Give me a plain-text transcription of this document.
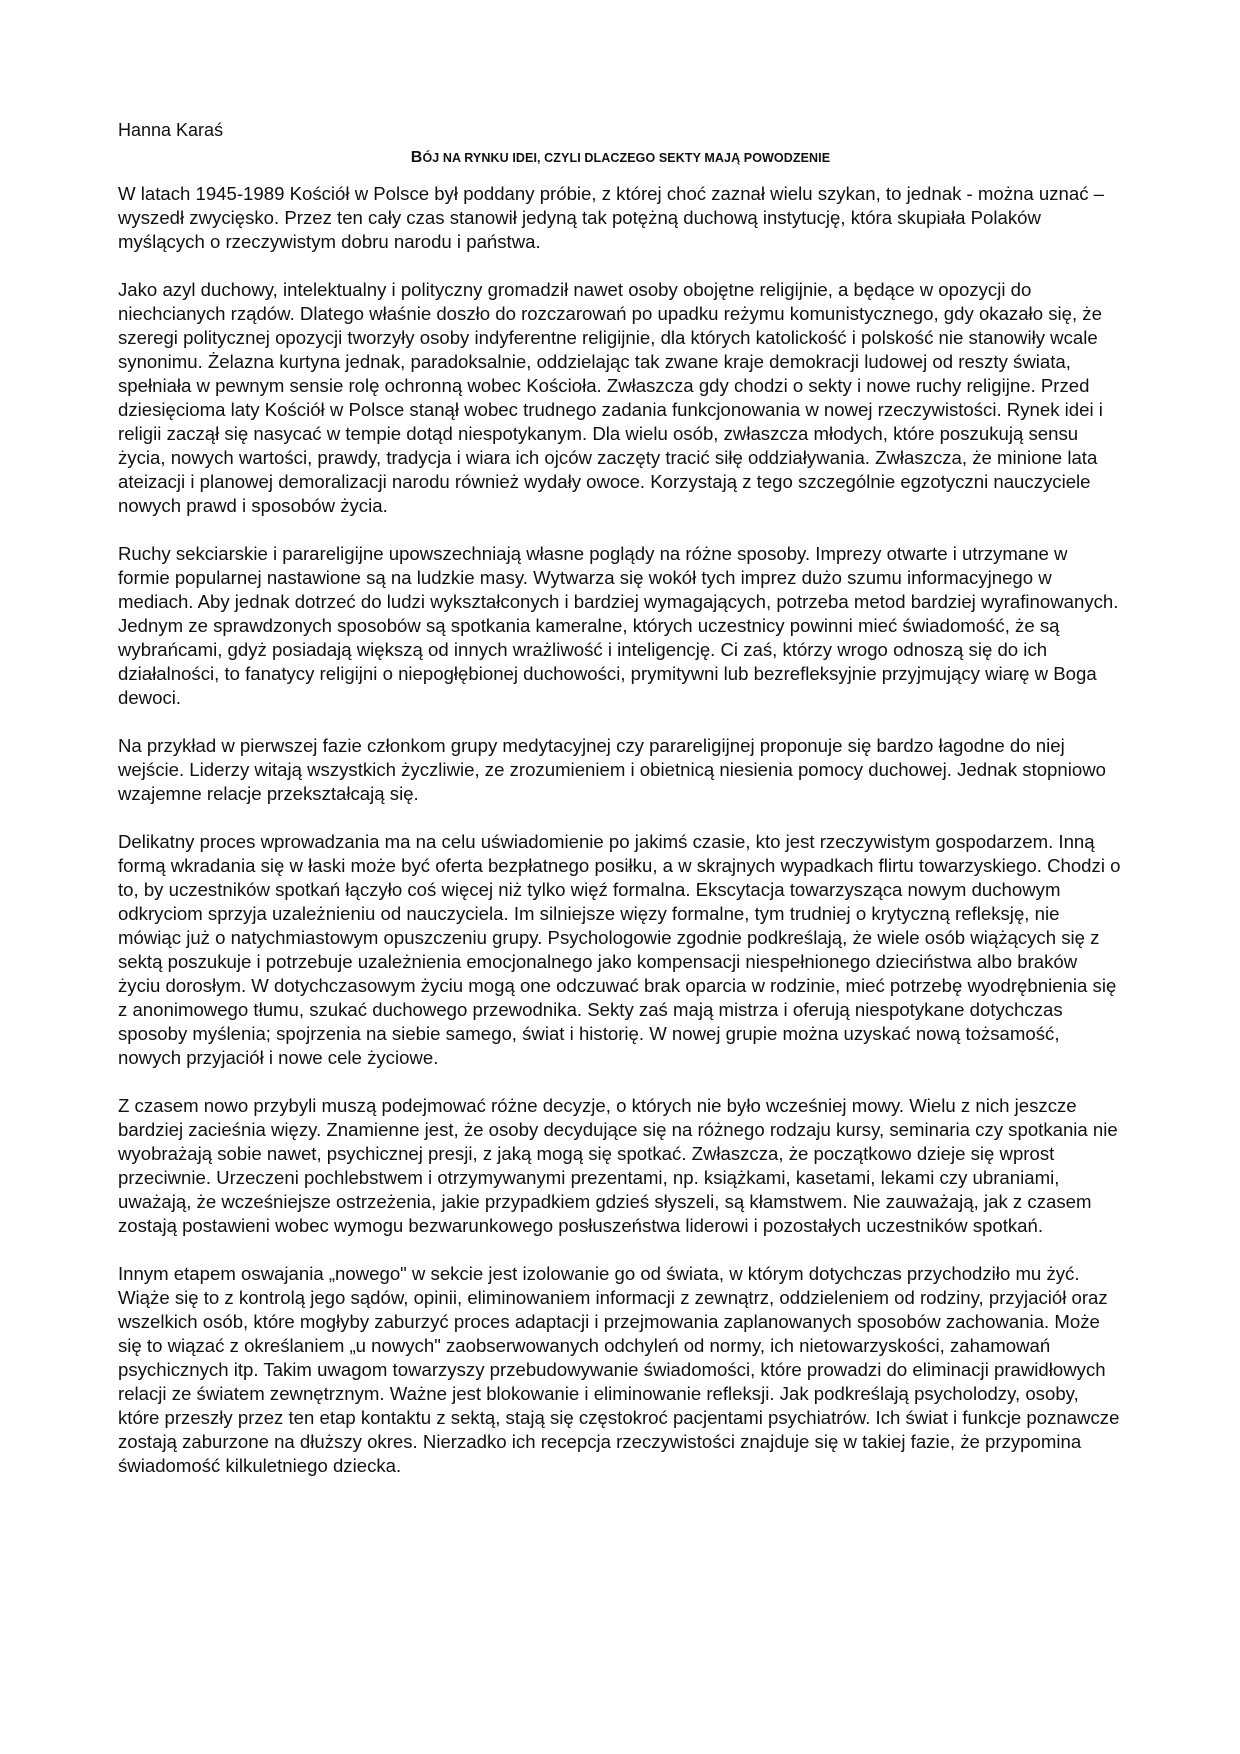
Hanna Karaś
BÓJ NA RYNKU IDEI, CZYLI DLACZEGO SEKTY MAJĄ POWODZENIE

W latach 1945-1989 Kościół w Polsce był poddany próbie, z której choć zaznał wielu szykan, to jednak - można uznać – wyszedł zwycięsko. Przez ten cały czas stanowił jedyną tak potężną duchową instytucję, która skupiała Polaków myślących o rzeczywistym dobru narodu i państwa.

Jako azyl duchowy, intelektualny i polityczny gromadził nawet osoby obojętne religijnie, a będące w opozycji do niechcianych rządów. Dlatego właśnie doszło do rozczarowań po upadku reżymu komunistycznego, gdy okazało się, że szeregi politycznej opozycji tworzyły osoby indyferentne religijnie, dla których katolickość i polskość nie stanowiły wcale synonimu. Żelazna kurtyna jednak, paradoksalnie, oddzielając tak zwane kraje demokracji ludowej od reszty świata, spełniała w pewnym sensie rolę ochronną wobec Kościoła. Zwłaszcza gdy chodzi o sekty i nowe ruchy religijne. Przed dziesięcioma laty Kościół w Polsce stanął wobec trudnego zadania funkcjonowania w nowej rzeczywistości. Rynek idei i religii zaczął się nasycać w tempie dotąd niespotykanym. Dla wielu osób, zwłaszcza młodych, które poszukują sensu życia, nowych wartości, prawdy, tradycja i wiara ich ojców zaczęty tracić siłę oddziaływania. Zwłaszcza, że minione lata ateizacji i planowej demoralizacji narodu również wydały owoce. Korzystają z tego szczególnie egzotyczni nauczyciele nowych prawd i sposobów życia.

Ruchy sekciarskie i parareligijne upowszechniają własne poglądy na różne sposoby. Imprezy otwarte i utrzymane w formie popularnej nastawione są na ludzkie masy. Wytwarza się wokół tych imprez dużo szumu informacyjnego w mediach. Aby jednak dotrzeć do ludzi wykształconych i bardziej wymagających, potrzeba metod bardziej wyrafinowanych. Jednym ze sprawdzonych sposobów są spotkania kameralne, których uczestnicy powinni mieć świadomość, że są wybrańcami, gdyż posiadają większą od innych wrażliwość i inteligencję. Ci zaś, którzy wrogo odnoszą się do ich działalności, to fanatycy religijni o niepogłębionej duchowości, prymitywni lub bezrefleksyjnie przyjmujący wiarę w Boga dewoci.

Na przykład w pierwszej fazie członkom grupy medytacyjnej czy parareligijnej proponuje się bardzo łagodne do niej wejście. Liderzy witają wszystkich życzliwie, ze zrozumieniem i obietnicą niesienia pomocy duchowej. Jednak stopniowo wzajemne relacje przekształcają się.

Delikatny proces wprowadzania ma na celu uświadomienie po jakimś czasie, kto jest rzeczywistym gospodarzem. Inną formą wkradania się w łaski może być oferta bezpłatnego posiłku, a w skrajnych wypadkach flirtu towarzyskiego. Chodzi o to, by uczestników spotkań łączyło coś więcej niż tylko więź formalna. Ekscytacja towarzysząca nowym duchowym odkryciom sprzyja uzależnieniu od nauczyciela. Im silniejsze więzy formalne, tym trudniej o krytyczną refleksję, nie mówiąc już o natychmiastowym opuszczeniu grupy. Psychologowie zgodnie podkreślają, że wiele osób wiążących się z sektą poszukuje i potrzebuje uzależnienia emocjonalnego jako kompensacji niespełnionego dzieciństwa albo braków życiu dorosłym. W dotychczasowym życiu mogą one odczuwać brak oparcia w rodzinie, mieć potrzebę wyodrębnienia się z anonimowego tłumu, szukać duchowego przewodnika. Sekty zaś mają mistrza i oferują niespotykane dotychczas sposoby myślenia; spojrzenia na siebie samego, świat i historię. W nowej grupie można uzyskać nową tożsamość, nowych przyjaciół i nowe cele życiowe.

Z czasem nowo przybyli muszą podejmować różne decyzje, o których nie było wcześniej mowy. Wielu z nich jeszcze bardziej zacieśnia więzy. Znamienne jest, że osoby decydujące się na różnego rodzaju kursy, seminaria czy spotkania nie wyobrażają sobie nawet, psychicznej presji, z jaką mogą się spotkać. Zwłaszcza, że początkowo dzieje się wprost przeciwnie. Urzeczeni pochlebstwem i otrzymywanymi prezentami, np. książkami, kasetami, lekami czy ubraniami, uważają, że wcześniejsze ostrzeżenia, jakie przypadkiem gdzieś słyszeli, są kłamstwem. Nie zauważają, jak z czasem zostają postawieni wobec wymogu bezwarunkowego posłuszeństwa liderowi i pozostałych uczestników spotkań.

Innym etapem oswajania „nowego" w sekcie jest izolowanie go od świata, w którym dotychczas przychodziło mu żyć. Wiąże się to z kontrolą jego sądów, opinii, eliminowaniem informacji z zewnątrz, oddzieleniem od rodziny, przyjaciół oraz wszelkich osób, które mogłyby zaburzyć proces adaptacji i przejmowania zaplanowanych sposobów zachowania. Może się to wiązać z określaniem „u nowych" zaobserwowanych odchyleń od normy, ich nietowarzyskości, zahamowań psychicznych itp. Takim uwagom towarzyszy przebudowywanie świadomości, które prowadzi do eliminacji prawidłowych relacji ze światem zewnętrznym. Ważne jest blokowanie i eliminowanie refleksji. Jak podkreślają psycholodzy, osoby, które przeszły przez ten etap kontaktu z sektą, stają się częstokroć pacjentami psychiatrów. Ich świat i funkcje poznawcze zostają zaburzone na dłuższy okres. Nierzadko ich recepcja rzeczywistości znajduje się w takiej fazie, że przypomina świadomość kilkuletniego dziecka.
